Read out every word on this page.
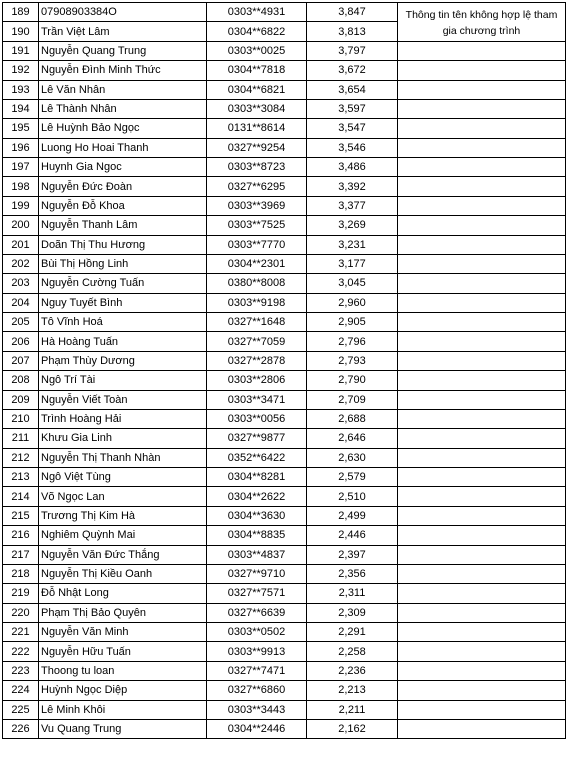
189	07908903384O	0303**4931	3,847	Thông tin tên không hợp lệ tham gia chương trình
190	Trần Việt Lâm	0304**6822	3,813	
191	Nguyễn Quang Trung	0303**0025	3,797	
192	Nguyễn Đình Minh Thức	0304**7818	3,672	
193	Lê Văn Nhân	0304**6821	3,654	
194	Lê Thành Nhân	0303**3084	3,597	
195	Lê Huỳnh Bảo Ngọc	0131**8614	3,547	
196	Luong Ho Hoai Thanh	0327**9254	3,546	
197	Huynh Gia Ngoc	0303**8723	3,486	
198	Nguyễn Đức Đoàn	0327**6295	3,392	
199	Nguyễn Đỗ Khoa	0303**3969	3,377	
200	Nguyễn Thanh Lâm	0303**7525	3,269	
201	Doãn Thị Thu Hương	0303**7770	3,231	
202	Bùi Thị Hồng Linh	0304**2301	3,177	
203	Nguyễn Cường Tuấn	0380**8008	3,045	
204	Nguy Tuyết Bình	0303**9198	2,960	
205	Tô Vĩnh Hoá	0327**1648	2,905	
206	Hà Hoàng Tuấn	0327**7059	2,796	
207	Phạm Thùy Dương	0327**2878	2,793	
208	Ngô Trí Tài	0303**2806	2,790	
209	Nguyễn Viết Toàn	0303**3471	2,709	
210	Trình Hoàng Hải	0303**0056	2,688	
211	Khưu Gia Linh	0327**9877	2,646	
212	Nguyễn Thị Thanh Nhàn	0352**6422	2,630	
213	Ngô Việt Tùng	0304**8281	2,579	
214	Võ Ngọc Lan	0304**2622	2,510	
215	Trương Thị Kim Hà	0304**3630	2,499	
216	Nghiêm Quỳnh Mai	0304**8835	2,446	
217	Nguyễn Văn Đức Thắng	0303**4837	2,397	
218	Nguyễn Thị Kiều Oanh	0327**9710	2,356	
219	Đỗ Nhật Long	0327**7571	2,311	
220	Phạm Thị Bảo Quyên	0327**6639	2,309	
221	Nguyễn Văn Minh	0303**0502	2,291	
222	Nguyễn Hữu Tuấn	0303**9913	2,258	
223	Thoong tu loan	0327**7471	2,236	
224	Huỳnh Ngọc Diệp	0327**6860	2,213	
225	Lê Minh Khôi	0303**3443	2,211	
226	Vu Quang Trung	0304**2446	2,162	
